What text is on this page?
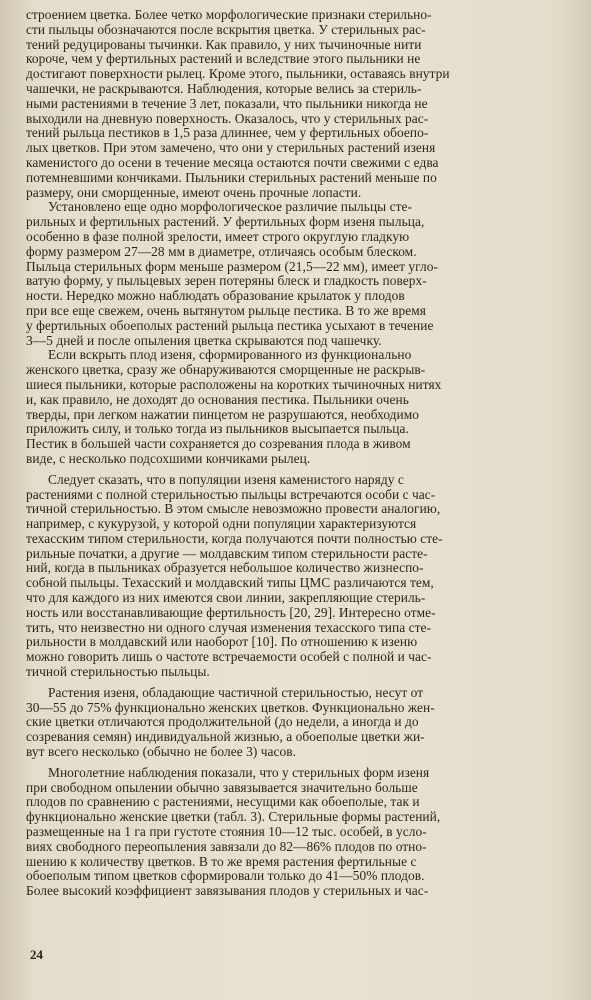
строением цветка. Более четко морфологические признаки стерильно-
сти пыльцы обозначаются после вскрытия цветка. У стерильных рас-
тений редуцированы тычинки. Как правило, у них тычиночные нити
короче, чем у фертильных растений и вследствие этого пыльники не
достигают поверхности рылец. Кроме этого, пыльники, оставаясь внутри
чашечки, не раскрываются. Наблюдения, которые велись за стериль-
ными растениями в течение 3 лет, показали, что пыльники никогда не
выходили на дневную поверхность. Оказалось, что у стерильных рас-
тений рыльца пестиков в 1,5 раза длиннее, чем у фертильных обоепо-
лых цветков. При этом замечено, что они у стерильных растений изеня
каменистого до осени в течение месяца остаются почти свежими с едва
потемневшими кончиками. Пыльники стерильных растений меньше по
размеру, они сморщенные, имеют очень прочные лопасти.

Установлено еще одно морфологическое различие пыльцы сте-
рильных и фертильных растений. У фертильных форм изеня пыльца,
особенно в фазе полной зрелости, имеет строго округлую гладкую
форму размером 27—28 мм в диаметре, отличаясь особым блеском.
Пыльца стерильных форм меньше размером (21,5—22 мм), имеет угло-
ватую форму, у пыльцевых зерен потеряны блеск и гладкость поверх-
ности. Нередко можно наблюдать образование крылаток у плодов
при все еще свежем, очень вытянутом рыльце пестика. В то же время
у фертильных обоеполых растений рыльца пестика усыхают в течение
3—5 дней и после опыления цветка скрываются под чашечку.

Если вскрыть плод изеня, сформированного из функционально
женского цветка, сразу же обнаруживаются сморщенные не раскрыв-
шиеся пыльники, которые расположены на коротких тычиночных нитях
и, как правило, не доходят до основания пестика. Пыльники очень
тверды, при легком нажатии пинцетом не разрушаются, необходимо
приложить силу, и только тогда из пыльников высыпается пыльца.
Пестик в большей части сохраняется до созревания плода в живом
виде, с несколько подсохшими кончиками рылец.

Следует сказать, что в популяции изеня каменистого наряду с
растениями с полной стерильностью пыльцы встречаются особи с час-
тичной стерильностью. В этом смысле невозможно провести аналогию,
например, с кукурузой, у которой одни популяции характеризуются
техасским типом стерильности, когда получаются почти полностью сте-
рильные початки, а другие — молдавским типом стерильности расте-
ний, когда в пыльниках образуется небольшое количество жизнеспо-
собной пыльцы. Техасский и молдавский типы ЦМС различаются тем,
что для каждого из них имеются свои линии, закрепляющие стериль-
ность или восстанавливающие фертильность [20, 29]. Интересно отме-
тить, что неизвестно ни одного случая изменения техасского типа сте-
рильности в молдавский или наоборот [10]. По отношению к изеню
можно говорить лишь о частоте встречаемости особей с полной и час-
тичной стерильностью пыльцы.

Растения изеня, обладающие частичной стерильностью, несут от
30—55 до 75% функционально женских цветков. Функционально жен-
ские цветки отличаются продолжительной (до недели, а иногда и до
созревания семян) индивидуальной жизнью, а обоеполые цветки жи-
вут всего несколько (обычно не более 3) часов.

Многолетние наблюдения показали, что у стерильных форм изеня
при свободном опылении обычно завязывается значительно больше
плодов по сравнению с растениями, несущими как обоеполые, так и
функционально женские цветки (табл. 3). Стерильные формы растений,
размещенные на 1 га при густоте стояния 10—12 тыс. особей, в усло-
виях свободного переопыления завязали до 82—86% плодов по отно-
шению к количеству цветков. В то же время растения фертильные с
обоеполым типом цветков сформировали только до 41—50% плодов.
Более высокий коэффициент завязывания плодов у стерильных и час-

24
